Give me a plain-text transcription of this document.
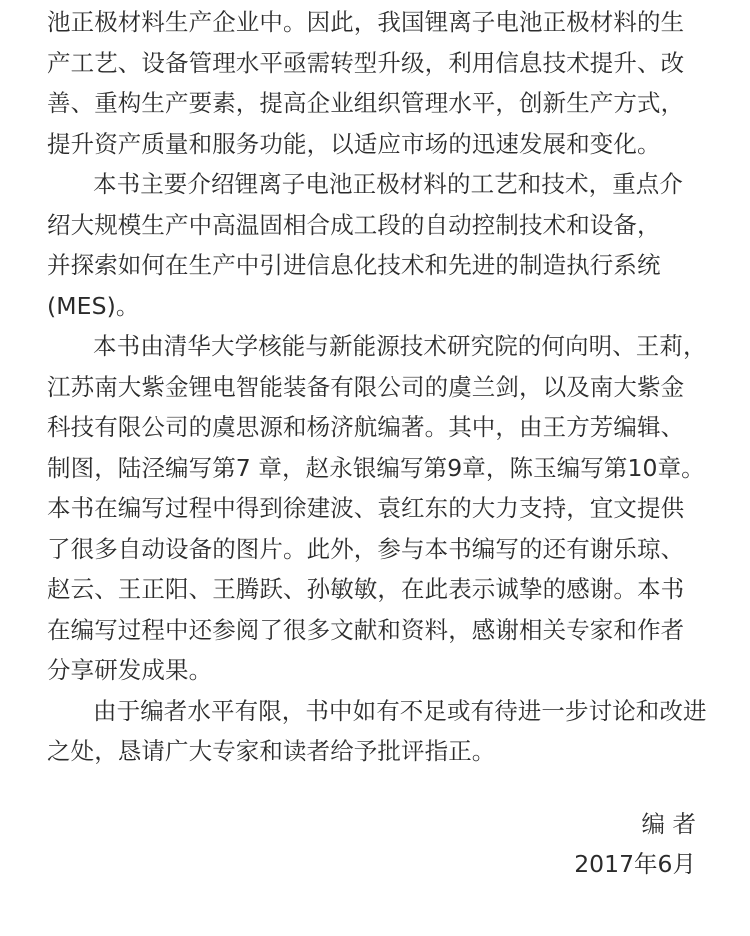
池正极材料生产企业中。因此，我国锂离子电池正极材料的生
产工艺、设备管理水平亟需转型升级，利用信息技术提升、改
善、重构生产要素，提高企业组织管理水平，创新生产方式，
提升资产质量和服务功能，以适应市场的迅速发展和变化。
本书主要介绍锂离子电池正极材料的工艺和技术，重点介
绍大规模生产中高温固相合成工段的自动控制技术和设备，
并探索如何在生产中引进信息化技术和先进的制造执行系统
(MES)。
本书由清华大学核能与新能源技术研究院的何向明、王莉，
江苏南大紫金锂电智能装备有限公司的虞兰剑，以及南大紫金
科技有限公司的虞思源和杨济航编著。其中，由王方芳编辑、
制图，陆泾编写第7 章，赵永银编写第9章，陈玉编写第10章。
本书在编写过程中得到徐建波、袁红东的大力支持，宜文提供
了很多自动设备的图片。此外，参与本书编写的还有谢乐琼、
赵云、王正阳、王腾跃、孙敏敏，在此表示诚挚的感谢。本书
在编写过程中还参阅了很多文献和资料，感谢相关专家和作者
分享研发成果。
由于编者水平有限，书中如有不足或有待进一步讨论和改进
之处，恳请广大专家和读者给予批评指正。
编 者
2017年6月
